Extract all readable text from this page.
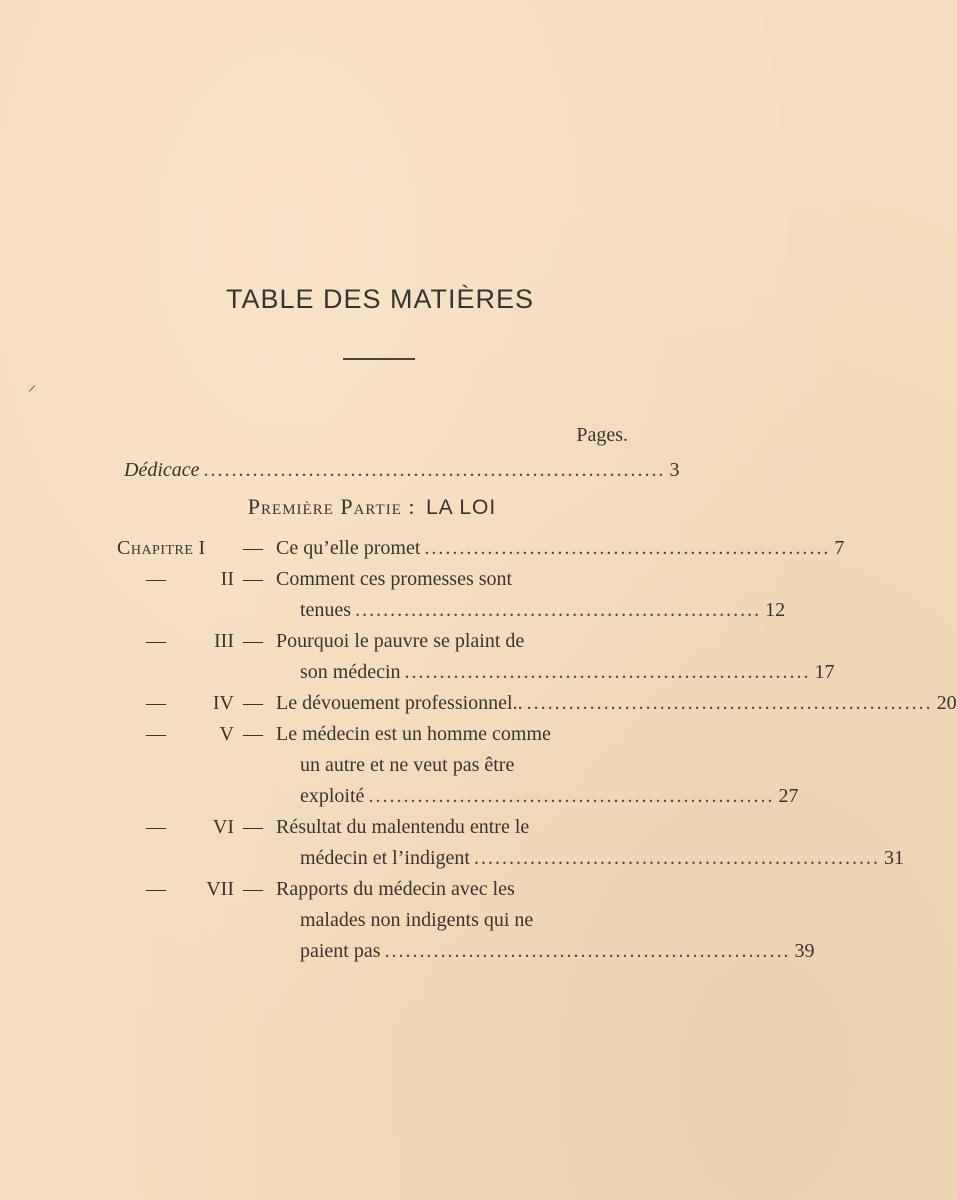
TABLE DES MATIÈRES
Pages.
Dédicace .................................................................. 3
Première Partie : LA LOI
Chapitre I — Ce qu’elle promet .......................................................... 7
—	II — Comment ces promesses sont
tenues .......................................................... 12
—	III — Pourquoi le pauvre se plaint de
son médecin .......................................................... 17
—	IV — Le dévouement professionnel.. .......................................................... 20
—	V — Le médecin est un homme comme
un autre et ne veut pas être
exploité .......................................................... 27
—	VI — Résultat du malentendu entre le
médecin et l’indigent .......................................................... 31
—	VII — Rapports du médecin avec les
malades non indigents qui ne
paient pas .......................................................... 39
